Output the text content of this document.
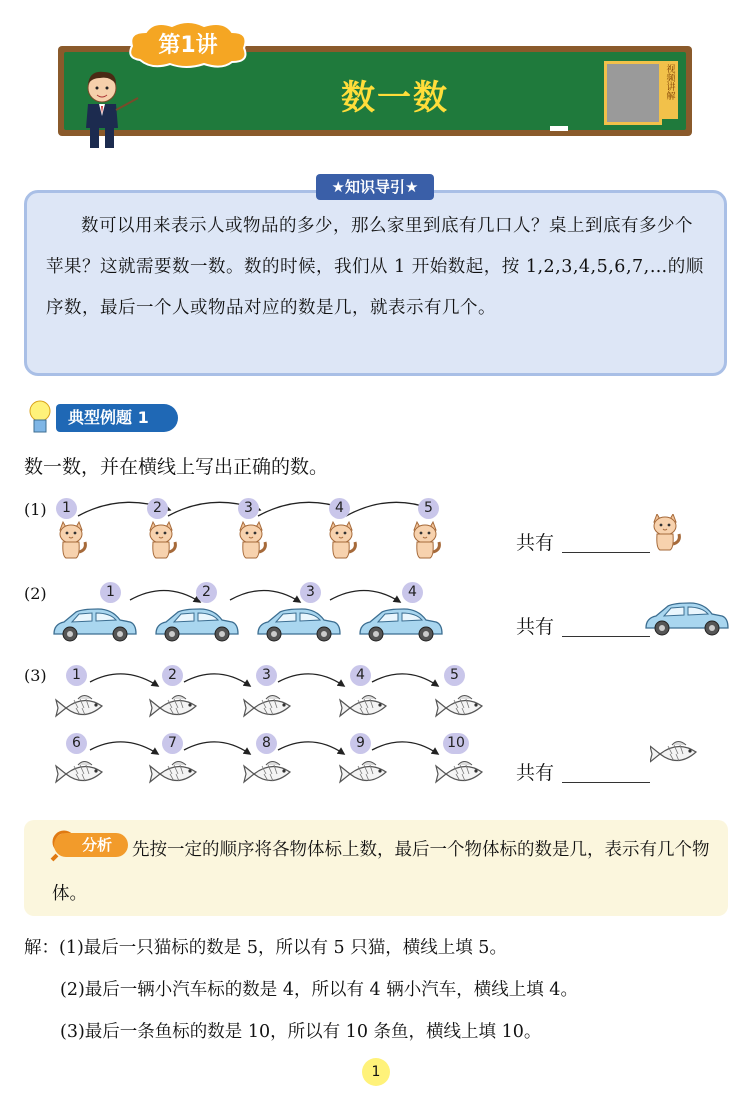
第1讲
数一数	视频讲解
★知识导引★
数可以用来表示人或物品的多少，那么家里到底有几口人？桌上到底有多少个苹果？这就需要数一数。数的时候，我们从 1 开始数起，按 1,2,3,4,5,6,7,…的顺序数，最后一个人或物品对应的数是几，就表示有几个。
典型例题 1
数一数，并在横线上写出正确的数。
(1)	1	2	3	4	5
共有
(2)	1	2	3	4
共有
(3)	1	2	3	4	5
6	7	8	9	10
共有
分析	先按一定的顺序将各物体标上数，最后一个物体标的数是几，表示有几个物体。
解：(1)最后一只猫标的数是 5，所以有 5 只猫，横线上填 5。
(2)最后一辆小汽车标的数是 4，所以有 4 辆小汽车，横线上填 4。
(3)最后一条鱼标的数是 10，所以有 10 条鱼，横线上填 10。
1
